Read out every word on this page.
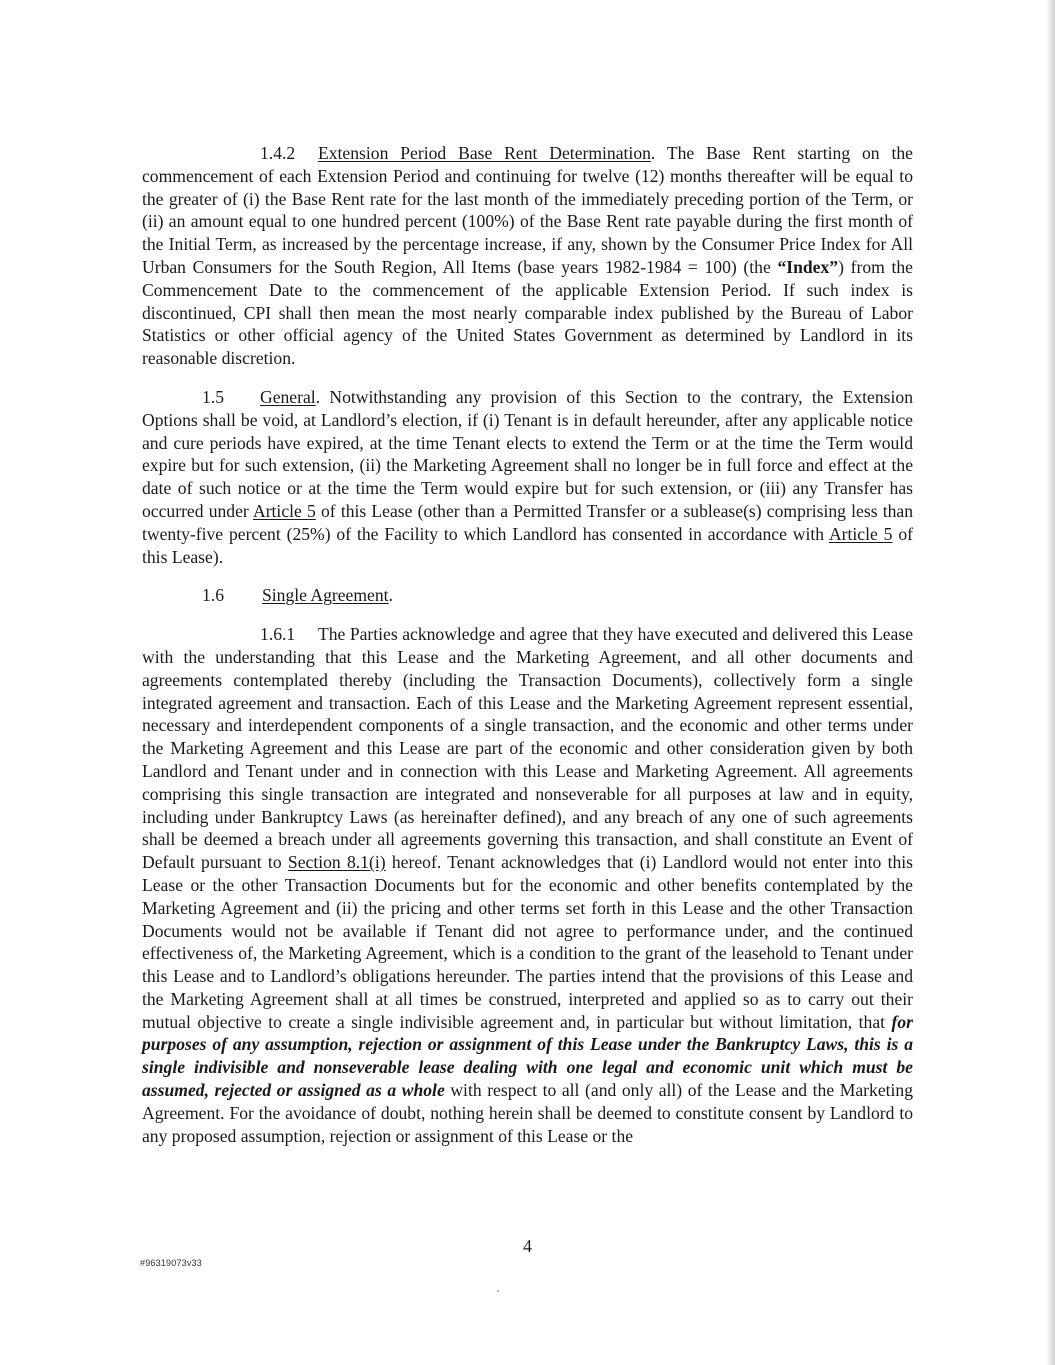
1.4.2 Extension Period Base Rent Determination. The Base Rent starting on the commencement of each Extension Period and continuing for twelve (12) months thereafter will be equal to the greater of (i) the Base Rent rate for the last month of the immediately preceding portion of the Term, or (ii) an amount equal to one hundred percent (100%) of the Base Rent rate payable during the first month of the Initial Term, as increased by the percentage increase, if any, shown by the Consumer Price Index for All Urban Consumers for the South Region, All Items (base years 1982-1984 = 100) (the “Index”) from the Commencement Date to the commencement of the applicable Extension Period. If such index is discontinued, CPI shall then mean the most nearly comparable index published by the Bureau of Labor Statistics or other official agency of the United States Government as determined by Landlord in its reasonable discretion.

1.5 General. Notwithstanding any provision of this Section to the contrary, the Extension Options shall be void, at Landlord’s election, if (i) Tenant is in default hereunder, after any applicable notice and cure periods have expired, at the time Tenant elects to extend the Term or at the time the Term would expire but for such extension, (ii) the Marketing Agreement shall no longer be in full force and effect at the date of such notice or at the time the Term would expire but for such extension, or (iii) any Transfer has occurred under Article 5 of this Lease (other than a Permitted Transfer or a sublease(s) comprising less than twenty-five percent (25%) of the Facility to which Landlord has consented in accordance with Article 5 of this Lease).

1.6 Single Agreement.

1.6.1 The Parties acknowledge and agree that they have executed and delivered this Lease with the understanding that this Lease and the Marketing Agreement, and all other documents and agreements contemplated thereby (including the Transaction Documents), collectively form a single integrated agreement and transaction. Each of this Lease and the Marketing Agreement represent essential, necessary and interdependent components of a single transaction, and the economic and other terms under the Marketing Agreement and this Lease are part of the economic and other consideration given by both Landlord and Tenant under and in connection with this Lease and Marketing Agreement. All agreements comprising this single transaction are integrated and nonseverable for all purposes at law and in equity, including under Bankruptcy Laws (as hereinafter defined), and any breach of any one of such agreements shall be deemed a breach under all agreements governing this transaction, and shall constitute an Event of Default pursuant to Section 8.1(i) hereof. Tenant acknowledges that (i) Landlord would not enter into this Lease or the other Transaction Documents but for the economic and other benefits contemplated by the Marketing Agreement and (ii) the pricing and other terms set forth in this Lease and the other Transaction Documents would not be available if Tenant did not agree to performance under, and the continued effectiveness of, the Marketing Agreement, which is a condition to the grant of the leasehold to Tenant under this Lease and to Landlord’s obligations hereunder. The parties intend that the provisions of this Lease and the Marketing Agreement shall at all times be construed, interpreted and applied so as to carry out their mutual objective to create a single indivisible agreement and, in particular but without limitation, that for purposes of any assumption, rejection or assignment of this Lease under the Bankruptcy Laws, this is a single indivisible and nonseverable lease dealing with one legal and economic unit which must be assumed, rejected or assigned as a whole with respect to all (and only all) of the Lease and the Marketing Agreement. For the avoidance of doubt, nothing herein shall be deemed to constitute consent by Landlord to any proposed assumption, rejection or assignment of this Lease or the

4
#96319073v33
